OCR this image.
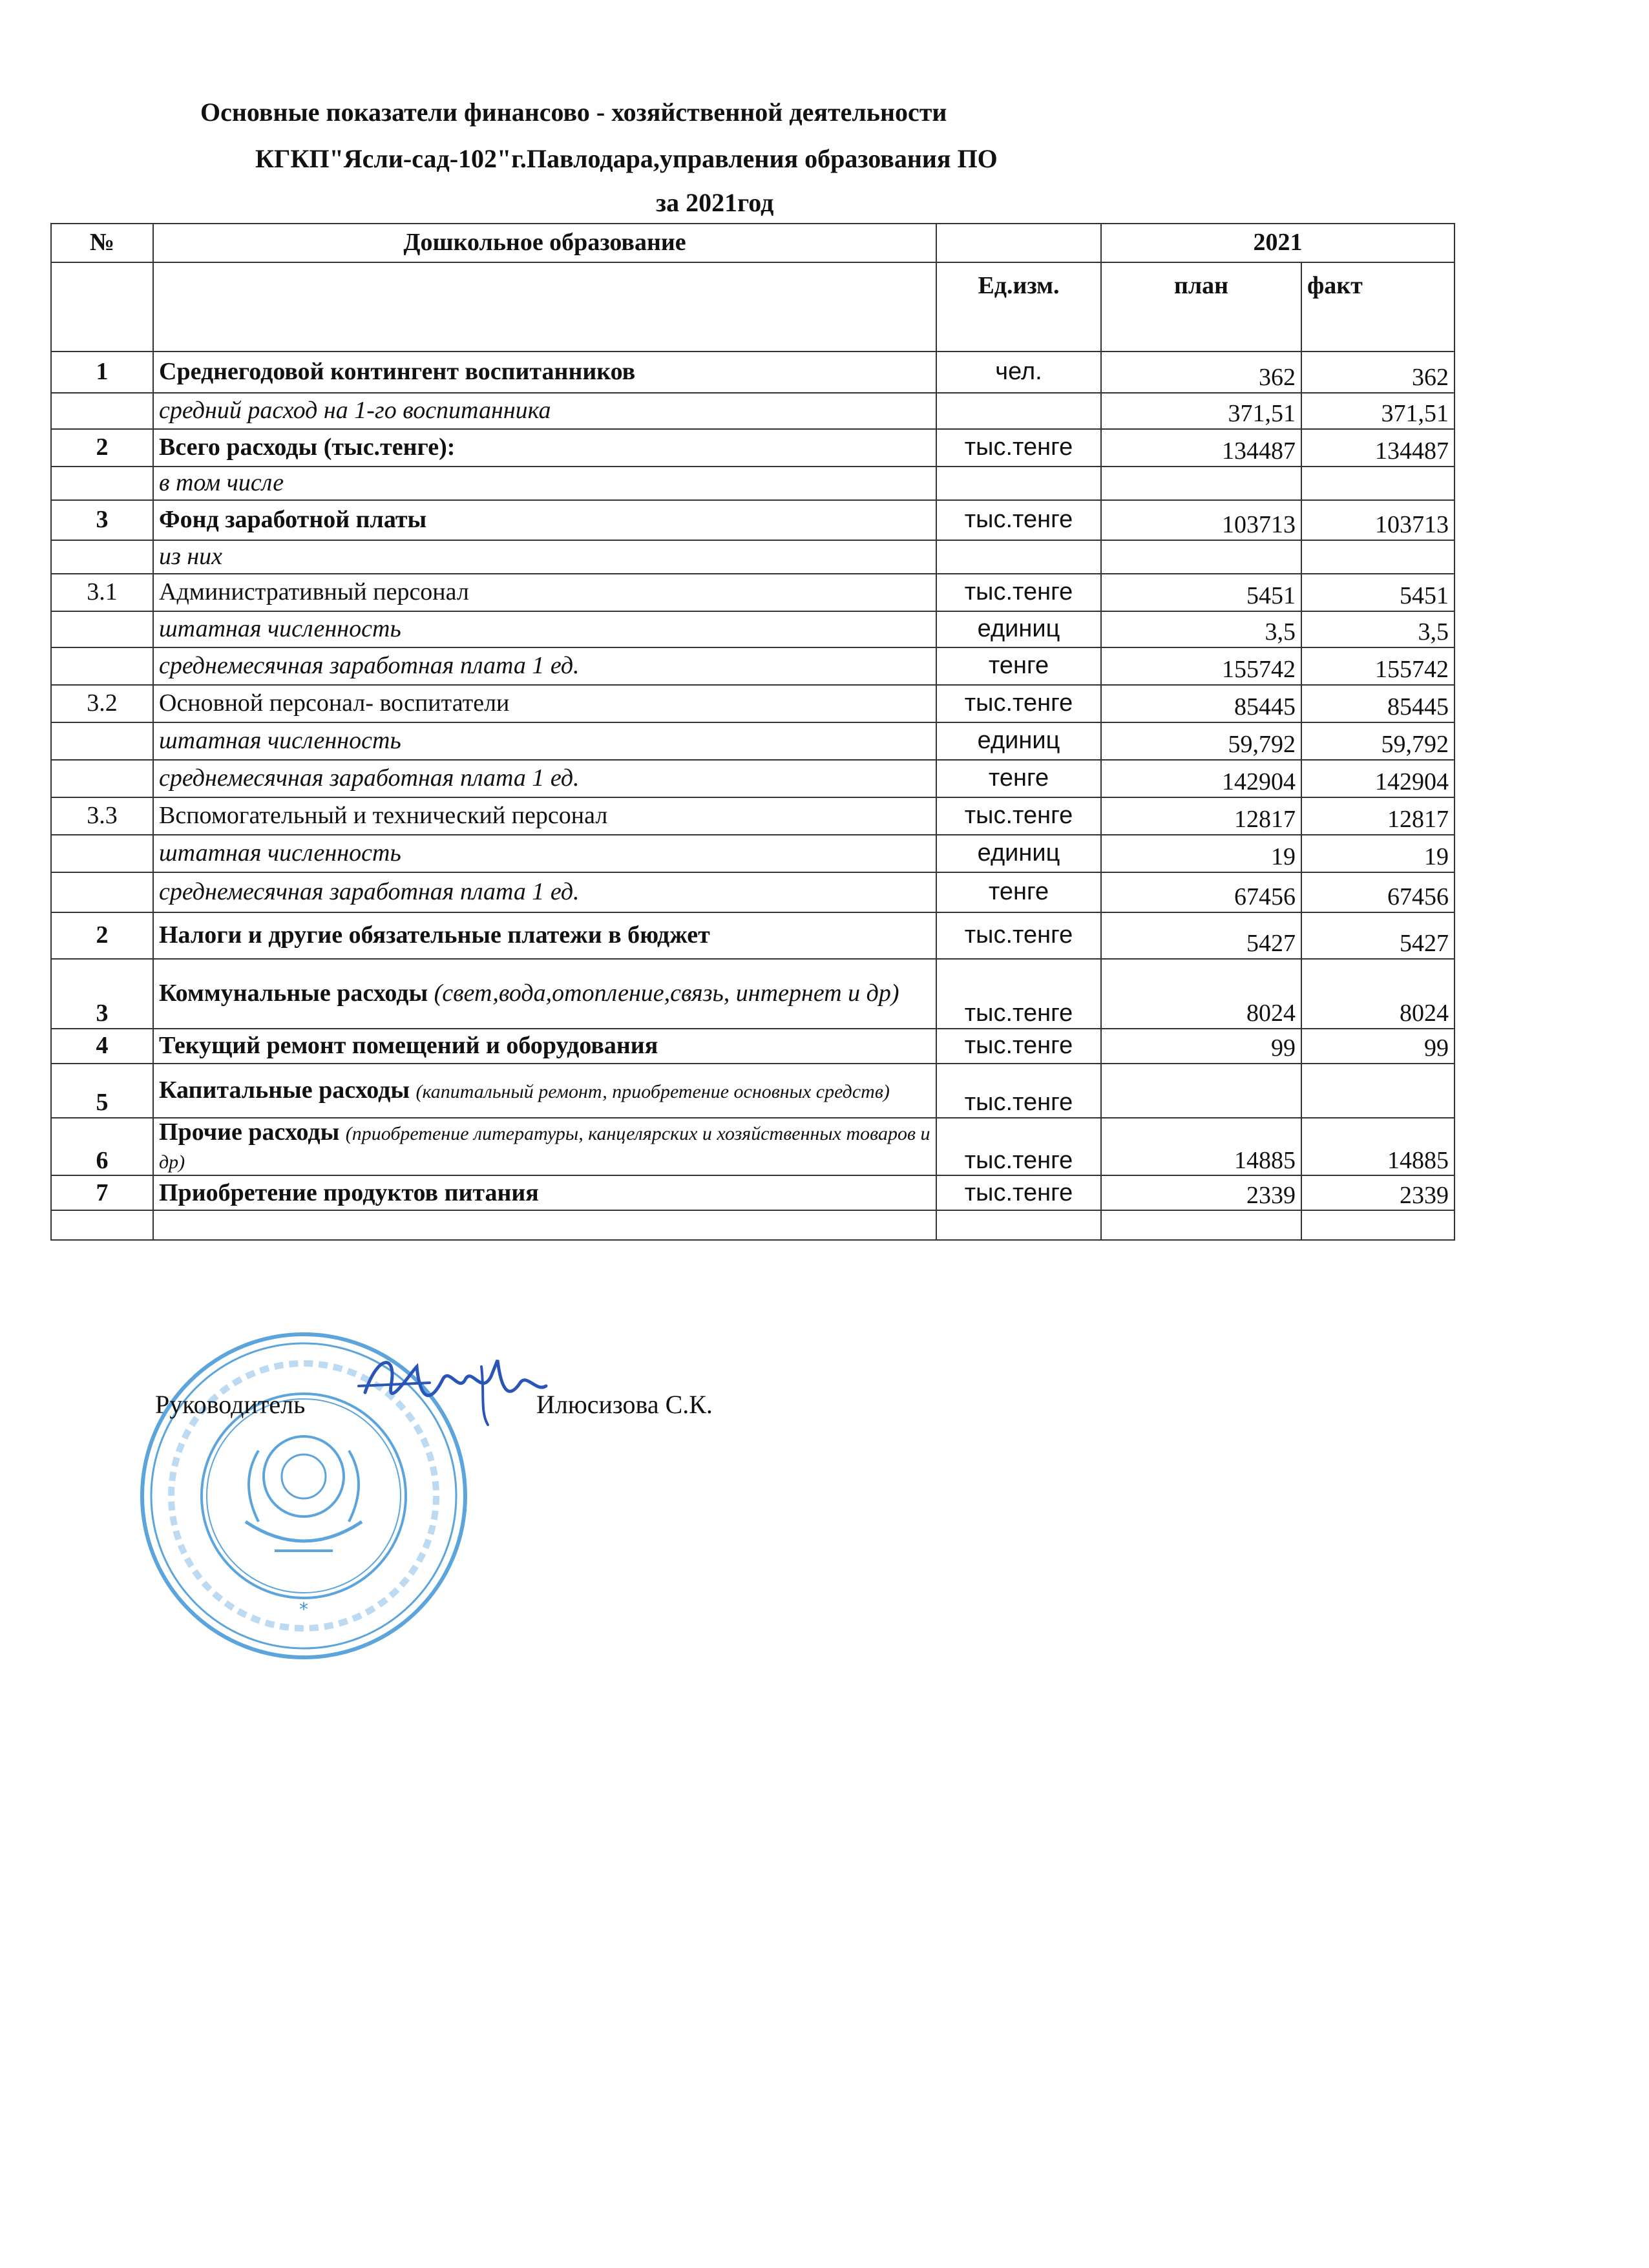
Основные показатели финансово - хозяйственной деятельности
КГКП"Ясли-сад-102"г.Павлодара,управления образования ПО
за 2021год
№	Дошкольное образование		2021	
		Ед.изм.	план	факт
1	Среднегодовой контингент воспитанников	чел.	362	362
	средний расход на 1-го воспитанника		371,51	371,51
2	Всего расходы (тыс.тенге):	тыс.тенге	134487	134487
	в том числе			
3	Фонд заработной платы	тыс.тенге	103713	103713
	из них			
3.1	Административный персонал	тыс.тенге	5451	5451
	штатная численность	единиц	3,5	3,5
	среднемесячная заработная плата 1 ед.	тенге	155742	155742
3.2	Основной персонал- воспитатели	тыс.тенге	85445	85445
	штатная численность	единиц	59,792	59,792
	среднемесячная заработная плата 1 ед.	тенге	142904	142904
3.3	Вспомогательный и технический персонал	тыс.тенге	12817	12817
	штатная численность	единиц	19	19
	среднемесячная заработная плата 1 ед.	тенге	67456	67456
2	Налоги и другие обязательные платежи в бюджет	тыс.тенге	5427	5427
3	Коммунальные расходы (свет,вода,отопление,связь, интернет и др)	тыс.тенге	8024	8024
4	Текущий ремонт помещений и оборудования	тыс.тенге	99	99
5	Капитальные расходы (капитальный ремонт, приобретение основных средств)	тыс.тенге		
6	Прочие расходы (приобретение литературы, канцелярских и хозяйственных товаров и др)	тыс.тенге	14885	14885
7	Приобретение продуктов питания	тыс.тенге	2339	2339

*
Руководитель	Илюсизова С.К.
